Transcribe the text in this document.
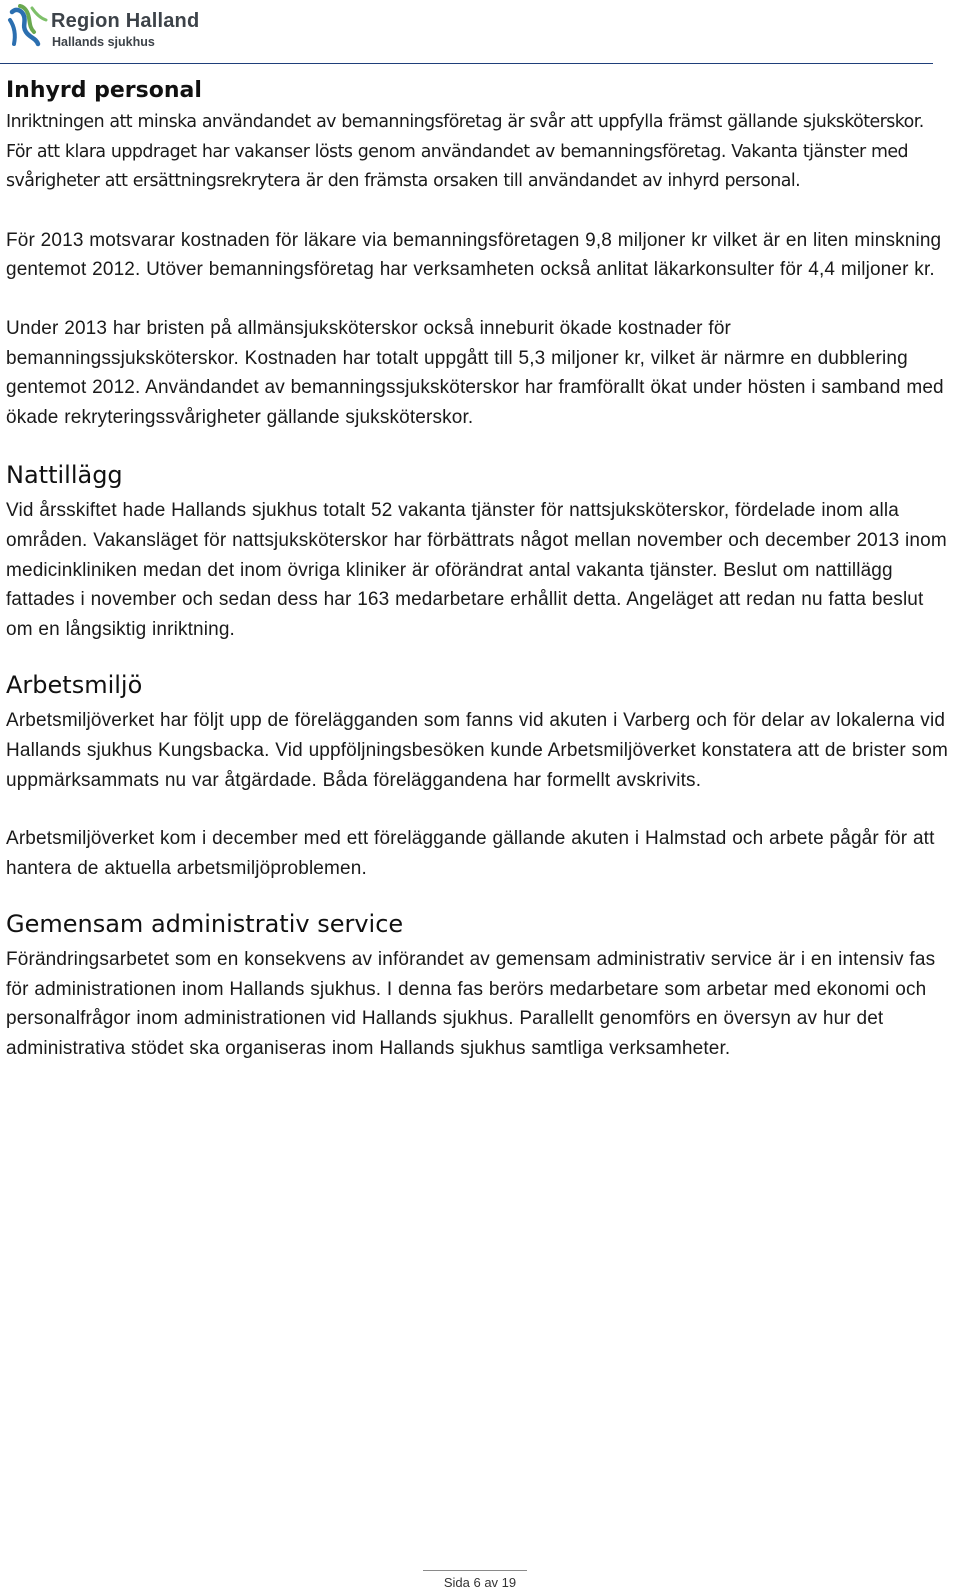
Region Halland
Hallands sjukhus
Inhyrd personal

Inriktningen att minska användandet av bemanningsföretag är svår att uppfylla främst gällande sjuksköterskor. För att klara uppdraget har vakanser lösts genom användandet av bemanningsföretag. Vakanta tjänster med svårigheter att ersättningsrekrytera är den främsta orsaken till användandet av inhyrd personal.

För 2013 motsvarar kostnaden för läkare via bemanningsföretagen 9,8 miljoner kr vilket är en liten minskning gentemot 2012. Utöver bemanningsföretag har verksamheten också anlitat läkarkonsulter för 4,4 miljoner kr.

Under 2013 har bristen på allmänsjuksköterskor också inneburit ökade kostnader för bemanningssjuksköterskor. Kostnaden har totalt uppgått till 5,3 miljoner kr, vilket är närmre en dubblering gentemot 2012. Användandet av bemanningssjuksköterskor har framförallt ökat under hösten i samband med ökade rekryteringssvårigheter gällande sjuksköterskor.

Nattillägg

Vid årsskiftet hade Hallands sjukhus totalt 52 vakanta tjänster för nattsjuksköterskor, fördelade inom alla områden. Vakansläget för nattsjuksköterskor har förbättrats något mellan november och december 2013 inom medicinkliniken medan det inom övriga kliniker är oförändrat antal vakanta tjänster. Beslut om nattillägg fattades i november och sedan dess har 163 medarbetare erhållit detta. Angeläget att redan nu fatta beslut om en långsiktig inriktning.

Arbetsmiljö

Arbetsmiljöverket har följt upp de förelägganden som fanns vid akuten i Varberg och för delar av lokalerna vid Hallands sjukhus Kungsbacka. Vid uppföljningsbesöken kunde Arbetsmiljöverket konstatera att de brister som uppmärksammats nu var åtgärdade. Båda föreläggandena har formellt avskrivits.

Arbetsmiljöverket kom i december med ett föreläggande gällande akuten i Halmstad och arbete pågår för att hantera de aktuella arbetsmiljöproblemen.

Gemensam administrativ service

Förändringsarbetet som en konsekvens av införandet av gemensam administrativ service är i en intensiv fas för administrationen inom Hallands sjukhus. I denna fas berörs medarbetare som arbetar med ekonomi och personalfrågor inom administrationen vid Hallands sjukhus. Parallellt genomförs en översyn av hur det administrativa stödet ska organiseras inom Hallands sjukhus samtliga verksamheter.

Sida 6 av 19
